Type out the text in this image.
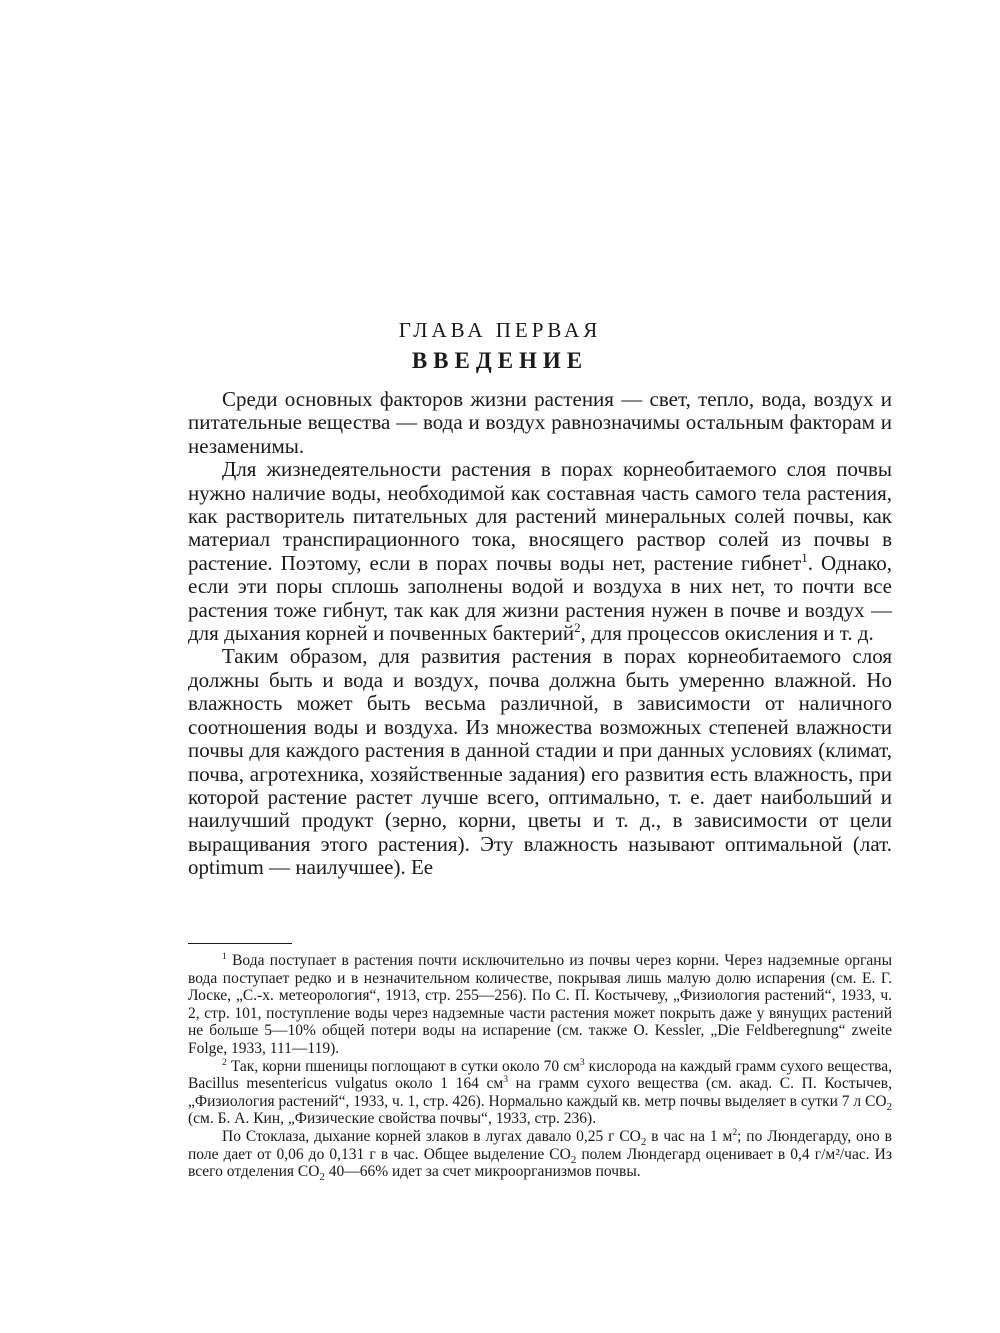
ГЛАВА ПЕРВАЯ
ВВЕДЕНИЕ

Среди основных факторов жизни растения — свет, тепло, вода, воздух и питательные вещества — вода и воздух равнозначимы остальным факторам и незаменимы.

Для жизнедеятельности растения в порах корнеобитаемого слоя почвы нужно наличие воды, необходимой как составная часть самого тела растения, как растворитель питательных для растений минеральных солей почвы, как материал транспирационного тока, вносящего раствор солей из почвы в растение. Поэтому, если в порах почвы воды нет, растение гибнет$^1$. Однако, если эти поры сплошь заполнены водой и воздуха в них нет, то почти все растения тоже гибнут, так как для жизни растения нужен в почве и воздух — для дыхания корней и почвенных бактерий$^2$, для процессов окисления и т. д.

Таким образом, для развития растения в порах корнеобитаемого слоя должны быть и вода и воздух, почва должна быть умеренно влажной. Но влажность может быть весьма различной, в зависимости от наличного соотношения воды и воздуха. Из множества возможных степеней влажности почвы для каждого растения в данной стадии и при данных условиях (климат, почва, агротехника, хозяйственные задания) его развития есть влажность, при которой растение растет лучше всего, оптимально, т. е. дает наибольший и наилучший продукт (зерно, корни, цветы и т. д., в зависимости от цели выращивания этого растения). Эту влажность называют оптимальной (лат. optimum — наилучшее). Ее

$^1$ Вода поступает в растения почти исключительно из почвы через корни. Через надземные органы вода поступает редко и в незначительном количестве, покрывая лишь малую долю испарения (см. Е. Г. Лоске, „С.-х. метеорология“, 1913, стр. 255—256). По С. П. Костычеву, „Физиология растений“, 1933, ч. 2, стр. 101, поступление воды через надземные части растения может покрыть даже у вянущих растений не больше 5—10% общей потери воды на испарение (см. также О. Kessler, „Die Feldberegnung“ zweite Folge, 1933, 111—119).

$^2$ Так, корни пшеницы поглощают в сутки около 70 $см^3$ кислорода на каждый грамм сухого вещества, Bacillus mesentericus vulgatus около 1 164 $см^3$ на грамм сухого вещества (см. акад. С. П. Костычев, „Физиология растений“, 1933, ч. 1, стр. 426). Нормально каждый кв. метр почвы выделяет в сутки 7 л $CO_2$ (см. Б. А. Кин, „Физические свойства почвы“, 1933, стр. 236).

По Стоклаза, дыхание корней злаков в лугах давало 0,25 г $CO_2$ в час на 1 $м^2$; по Люндегарду, оно в поле дает от 0,06 до 0,131 г в час. Общее выделение $CO_2$ полем Люндегард оценивает в 0,4 г/м²/час. Из всего отделения $CO_2$ 40—66% идет за счет микроорганизмов почвы.
